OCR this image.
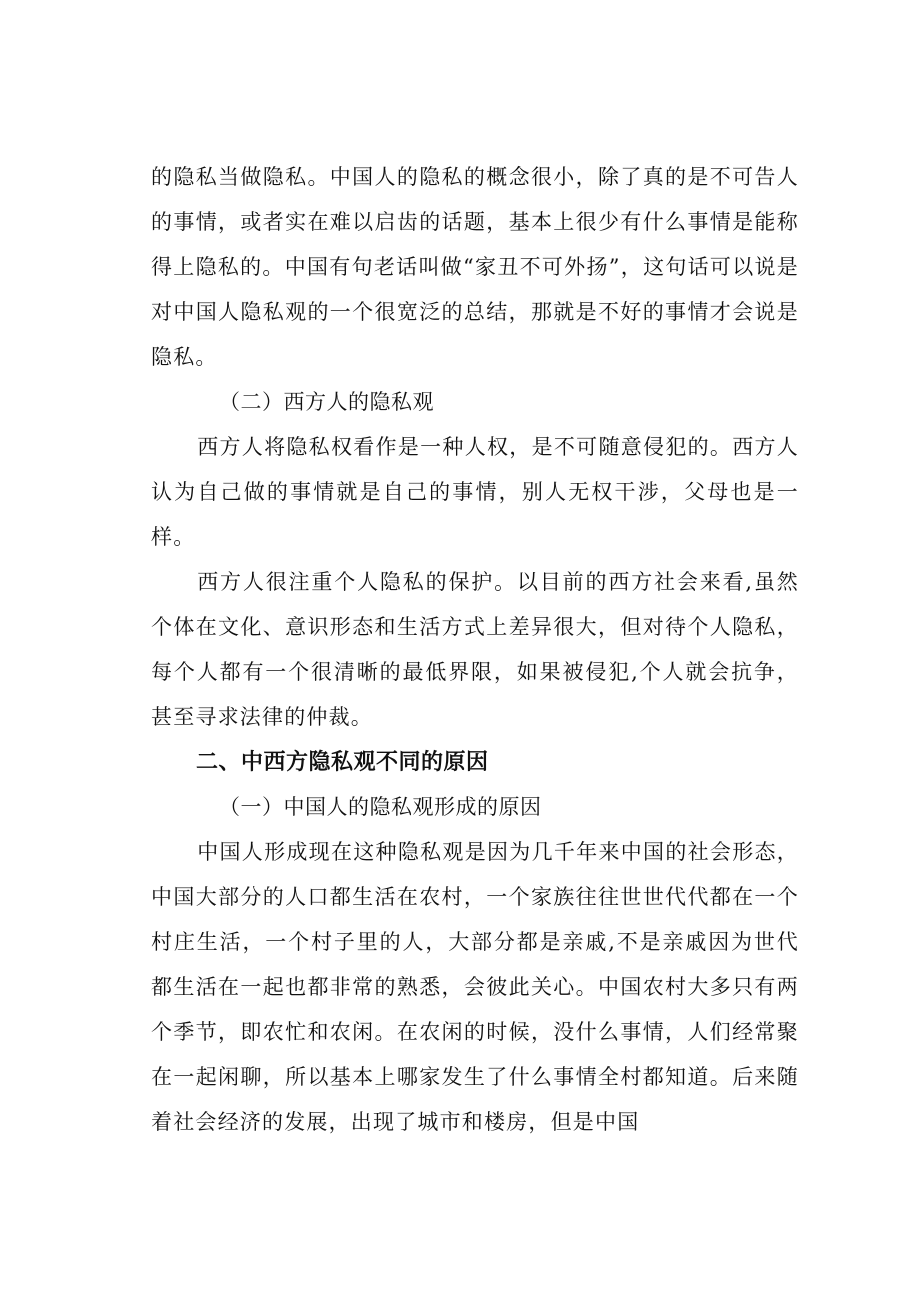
的隐私当做隐私。中国人的隐私的概念很小，除了真的是不可告人的事情，或者实在难以启齿的话题，基本上很少有什么事情是能称得上隐私的。中国有句老话叫做“家丑不可外扬”，这句话可以说是对中国人隐私观的一个很宽泛的总结，那就是不好的事情才会说是隐私。

（二）西方人的隐私观

西方人将隐私权看作是一种人权，是不可随意侵犯的。西方人认为自己做的事情就是自己的事情，别人无权干涉，父母也是一样。

西方人很注重个人隐私的保护。以目前的西方社会来看,虽然个体在文化、意识形态和生活方式上差异很大，但对待个人隐私，每个人都有一个很清晰的最低界限，如果被侵犯,个人就会抗争，甚至寻求法律的仲裁。

二、中西方隐私观不同的原因

（一）中国人的隐私观形成的原因

中国人形成现在这种隐私观是因为几千年来中国的社会形态，中国大部分的人口都生活在农村，一个家族往往世世代代都在一个村庄生活，一个村子里的人，大部分都是亲戚,不是亲戚因为世代都生活在一起也都非常的熟悉，会彼此关心。中国农村大多只有两个季节，即农忙和农闲。在农闲的时候，没什么事情，人们经常聚在一起闲聊，所以基本上哪家发生了什么事情全村都知道。后来随着社会经济的发展，出现了城市和楼房，但是中国
